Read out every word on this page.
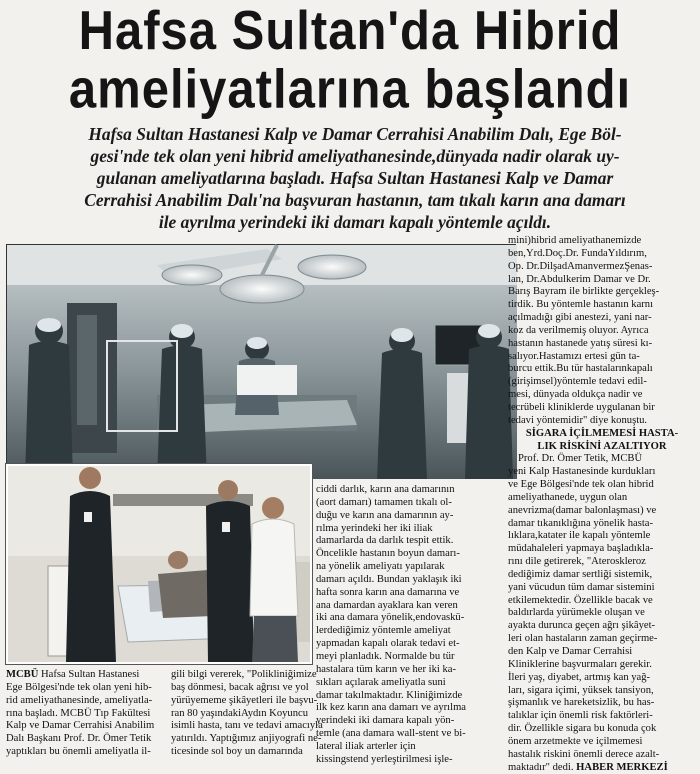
Hafsa Sultan'da Hibrid
ameliyatlarına başlandı
Hafsa Sultan Hastanesi Kalp ve Damar Cerrahisi Anabilim Dalı, Ege Böl-
gesi'nde tek olan yeni hibrid ameliyathanesinde,dünyada nadir olarak uy-
gulanan ameliyatlarına başladı. Hafsa Sultan Hastanesi Kalp ve Damar
Cerrahisi Anabilim Dalı'na başvuran hastanın, tam tıkalı karın ana damarı
ile ayrılma yerindeki iki damarı kapalı yöntemle açıldı.
mini)hibrid ameliyathanemizde
ben,Yrd.Doç.Dr. FundaYıldırım,
Op. Dr.DilşadAmanvermezŞenas-
lan, Dr.Abdulkerim Damar ve Dr.
Barış Bayram ile birlikte gerçekleş-
tirdik. Bu yöntemle hastanın karnı
açılmadığı gibi anestezi, yani nar-
koz da verilmemiş oluyor. Ayrıca
hastanın hastanede yatış süresi kı-
salıyor.Hastamızı ertesi gün ta-
burcu ettik.Bu tür hastalarınkapalı
(girişimsel)yöntemle tedavi edil-
mesi, dünyada oldukça nadir ve
tecrübeli kliniklerde uygulanan bir
tedavi yöntemidir" diye konuştu.
SİGARA İÇİLMEMESİ HASTA-
LIK RİSKİNİ AZALTIYOR
Prof. Dr. Ömer Tetik, MCBÜ
yeni Kalp Hastanesinde kurdukları
ve Ege Bölgesi'nde tek olan hibrid
ameliyathanede, uygun olan anevrizma(damar balonlaşması) ve
damar tıkanıklığına yönelik hasta-
lıklara,katater ile kapalı yöntemle
müdahaleleri yapmaya başladıkla-
rını dile getirerek, "Ateroskleroz
dediğimiz damar sertliği sistemik,
yani vücudun tüm damar sistemini
etkilemektedir. Özellikle bacak ve
baldırlarda yürümekle oluşan ve
ayakta durunca geçen ağrı şikâyet-
leri olan hastaların zaman geçirme-
den Kalp ve Damar Cerrahisi
Kliniklerine başvurmaları gerekir.
İleri yaş, diyabet, artmış kan yağ-
ları, sigara içimi, yüksek tansiyon,
şişmanlık ve hareketsizlik, bu has-
talıklar için önemli risk faktörleri-
dir. Özellikle sigara bu konuda çok
önem arzetmekte ve içilmemesi
hastalık riskini önemli derece azalt-
maktadır" dedi. HABER MERKEZİ
ciddi darlık, karın ana damarının
(aort damarı) tamamen tıkalı ol-
duğu ve karın ana damarının ay-
rılma yerindeki her iki iliak
damarlarda da darlık tespit ettik.
Öncelikle hastanın boyun damarı-
na yönelik ameliyatı yapılarak
damarı açıldı. Bundan yaklaşık iki
hafta sonra karın ana damarına ve
ana damardan ayaklara kan veren
iki ana damara yönelik,endovaskü-
lerdediğimiz yöntemle ameliyat
yapmadan kapalı olarak tedavi et-
meyi planladık. Normalde bu tür
hastalara tüm karın ve her iki ka-
sıkları açılarak ameliyatla suni
damar takılmaktadır. Kliniğimizde
ilk kez karın ana damarı ve ayrılma
yerindeki iki damara kapalı yön-
temle (ana damara wall-stent ve bi-
lateral iliak arterler için
kissingstend yerleştirilmesi işle-
MCBÜ Hafsa Sultan Hastanesi
Ege Bölgesi'nde tek olan yeni hib-
rid ameliyathanesinde, ameliyatla-
rına başladı. MCBÜ Tıp Fakültesi
Kalp ve Damar Cerrahisi Anabilim
Dalı Başkanı Prof. Dr. Ömer Tetik
yaptıkları bu önemli ameliyatla il-
gili bilgi vererek, "Polikliniğimize
baş dönmesi, bacak ağrısı ve yol
yürüyememe şikâyetleri ile başvu-
ran 80 yaşındakiAydın Koyuncu
isimli hasta, tanı ve tedavi amacıyla
yatırıldı. Yaptığımız anjiyografi ne-
ticesinde sol boy un damarında
